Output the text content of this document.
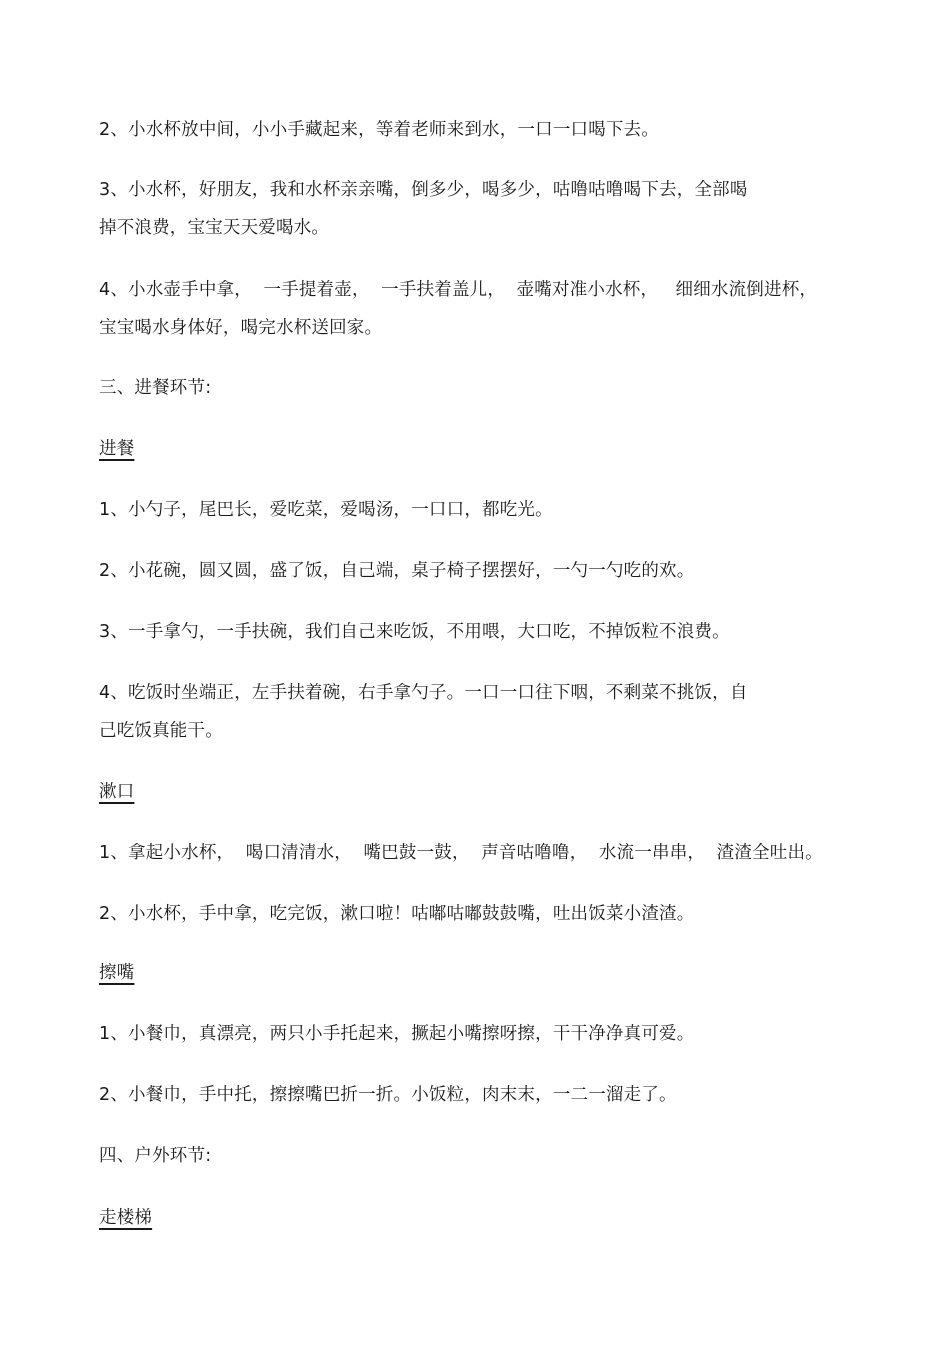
2、小水杯放中间，小小手藏起来，等着老师来到水，一口一口喝下去。
3、小水杯，好朋友，我和水杯亲亲嘴，倒多少，喝多少，咕噜咕噜喝下去，全部喝
掉不浪费，宝宝天天爱喝水。
4、小水壶手中拿，  一手提着壶，  一手扶着盖儿，  壶嘴对准小水杯，   细细水流倒进杯，
宝宝喝水身体好，喝完水杯送回家。
三、进餐环节:
进餐
1、小勺子，尾巴长，爱吃菜，爱喝汤，一口口，都吃光。
2、小花碗，圆又圆，盛了饭，自己端，桌子椅子摆摆好，一勺一勺吃的欢。
3、一手拿勺，一手扶碗，我们自己来吃饭，不用喂，大口吃，不掉饭粒不浪费。
4、吃饭时坐端正，左手扶着碗，右手拿勺子。一口一口往下咽，不剩菜不挑饭，自
己吃饭真能干。
漱口
1、拿起小水杯，  喝口清清水，  嘴巴鼓一鼓，  声音咕噜噜，  水流一串串，  渣渣全吐出。
2、小水杯，手中拿，吃完饭，漱口啦！咕嘟咕嘟鼓鼓嘴，吐出饭菜小渣渣。
擦嘴
1、小餐巾，真漂亮，两只小手托起来，撅起小嘴擦呀擦，干干净净真可爱。
2、小餐巾，手中托，擦擦嘴巴折一折。小饭粒，肉末末，一二一溜走了。
四、户外环节:
走楼梯
